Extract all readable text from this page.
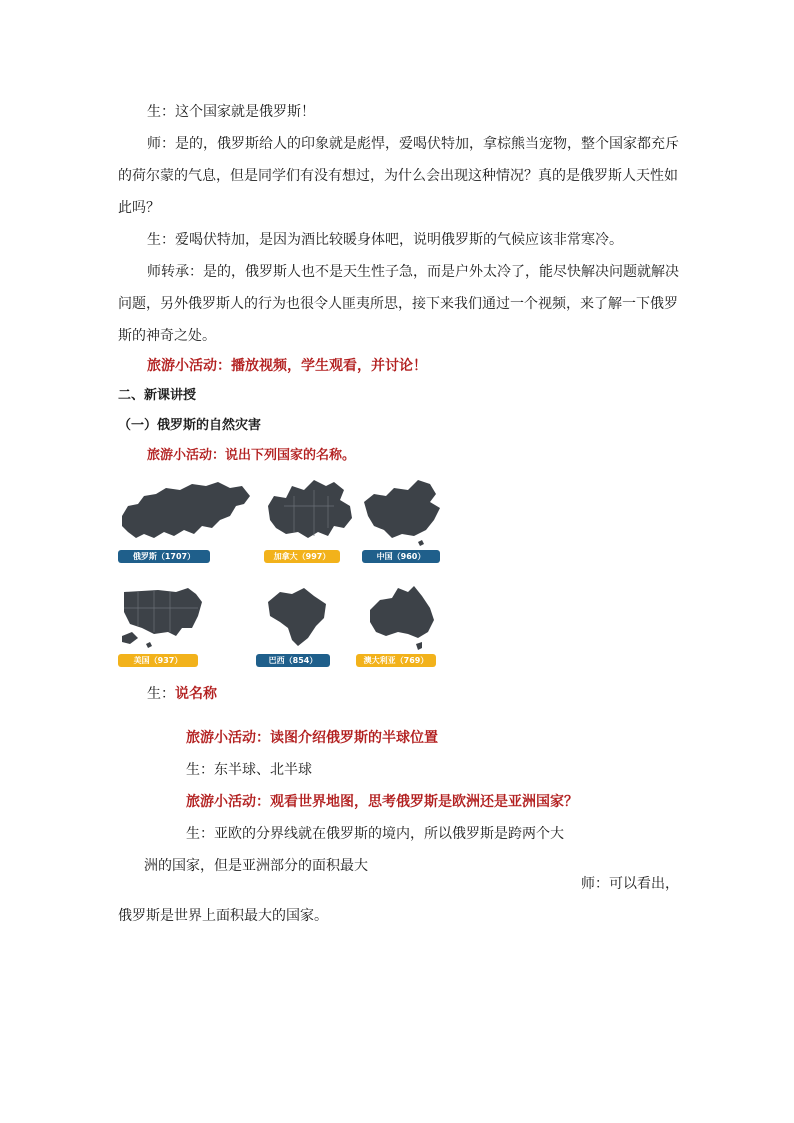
生：这个国家就是俄罗斯！
师：是的，俄罗斯给人的印象就是彪悍，爱喝伏特加，拿棕熊当宠物，整个国家都充斥
的荷尔蒙的气息，但是同学们有没有想过，为什么会出现这种情况？真的是俄罗斯人天性如
此吗？
生：爱喝伏特加，是因为酒比较暖身体吧，说明俄罗斯的气候应该非常寒冷。
师转承：是的，俄罗斯人也不是天生性子急，而是户外太冷了，能尽快解决问题就解决
问题，另外俄罗斯人的行为也很令人匪夷所思，接下来我们通过一个视频，来了解一下俄罗
斯的神奇之处。
旅游小活动：播放视频，学生观看，并讨论！
二、新课讲授
（一）俄罗斯的自然灾害
旅游小活动：说出下列国家的名称。
俄罗斯（1707）	加拿大（997）	中国（960）
美国（937）	巴西（854）	澳大利亚（769）
生：说名称
旅游小活动：读图介绍俄罗斯的半球位置
生：东半球、北半球
旅游小活动：观看世界地图，思考俄罗斯是欧洲还是亚洲国家？
生：亚欧的分界线就在俄罗斯的境内，所以俄罗斯是跨两个大
洲的国家，但是亚洲部分的面积最大
师：可以看出，
俄罗斯是世界上面积最大的国家。
